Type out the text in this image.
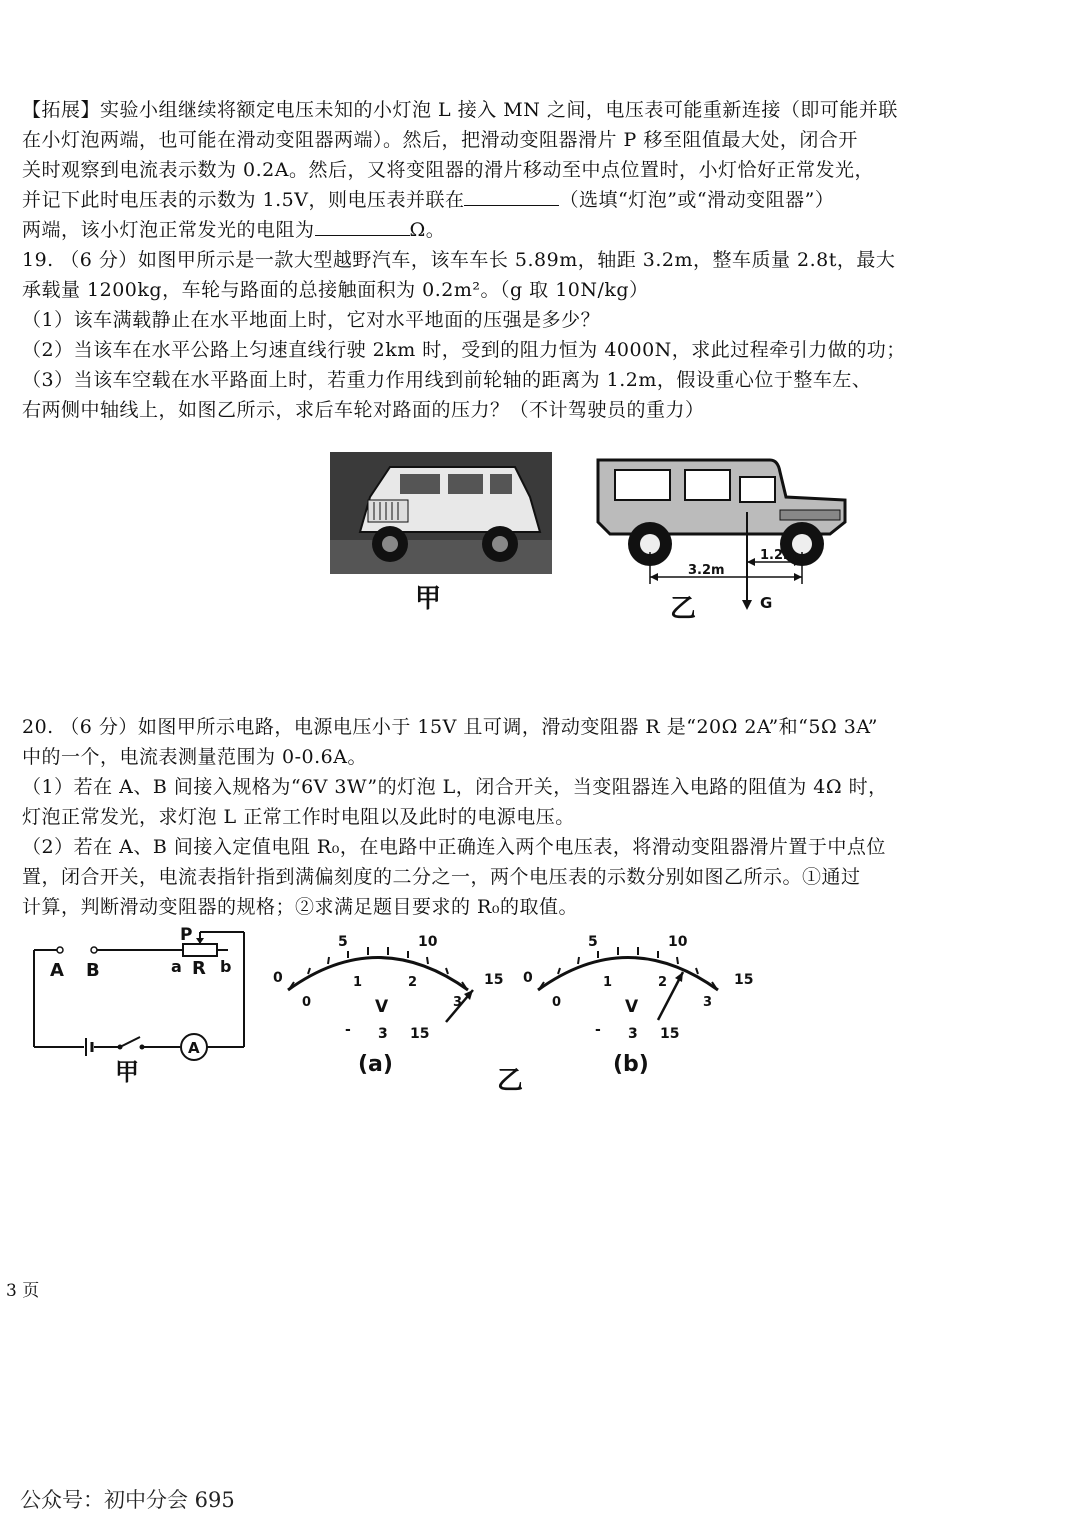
【拓展】实验小组继续将额定电压未知的小灯泡 L 接入 MN 之间，电压表可能重新连接（即可能并联
在小灯泡两端，也可能在滑动变阻器两端）。然后，把滑动变阻器滑片 P 移至阻值最大处，闭合开
关时观察到电流表示数为 0.2A。然后，又将变阻器的滑片移动至中点位置时，小灯恰好正常发光，
并记下此时电压表的示数为 1.5V，则电压表并联在	（选填“灯泡”或“滑动变阻器”）
两端，该小灯泡正常发光的电阻为	Ω。
19. （6 分）如图甲所示是一款大型越野汽车，该车车长 5.89m，轴距 3.2m，整车质量 2.8t，最大
承载量 1200kg，车轮与路面的总接触面积为 0.2m²。（g 取 10N/kg）
（1）该车满载静止在水平地面上时，它对水平地面的压强是多少？
（2）当该车在水平公路上匀速直线行驶 2km 时，受到的阻力恒为 4000N，求此过程牵引力做的功；
（3）当该车空载在水平路面上时，若重力作用线到前轮轴的距离为 1.2m，假设重心位于整车左、
右两侧中轴线上，如图乙所示，求后车轮对路面的压力？（不计驾驶员的重力）
甲
3.2m
1.2m
G
乙
20. （6 分）如图甲所示电路，电源电压小于 15V 且可调，滑动变阻器 R 是“20Ω 2A”和“5Ω 3A”
中的一个，电流表测量范围为 0-0.6A。
（1）若在 A、B 间接入规格为“6V 3W”的灯泡 L，闭合开关，当变阻器连入电路的阻值为 4Ω 时，
灯泡正常发光，求灯泡 L 正常工作时电阻以及此时的电源电压。
（2）若在 A、B 间接入定值电阻 R₀，在电路中正确连入两个电压表，将滑动变阻器滑片置于中点位
置，闭合开关，电流表指针指到满偏刻度的二分之一，两个电压表的示数分别如图乙所示。①通过
计算，判断滑动变阻器的规格；②求满足题目要求的 R₀的取值。
A
A B
P
a R b
甲
0
5	10
15
0
1	2
3
V
- 3 15
(a)
0
5	10
15
0
1	2
3
V
- 3 15
(b)
乙
3 页
公众号：初中分会 695
